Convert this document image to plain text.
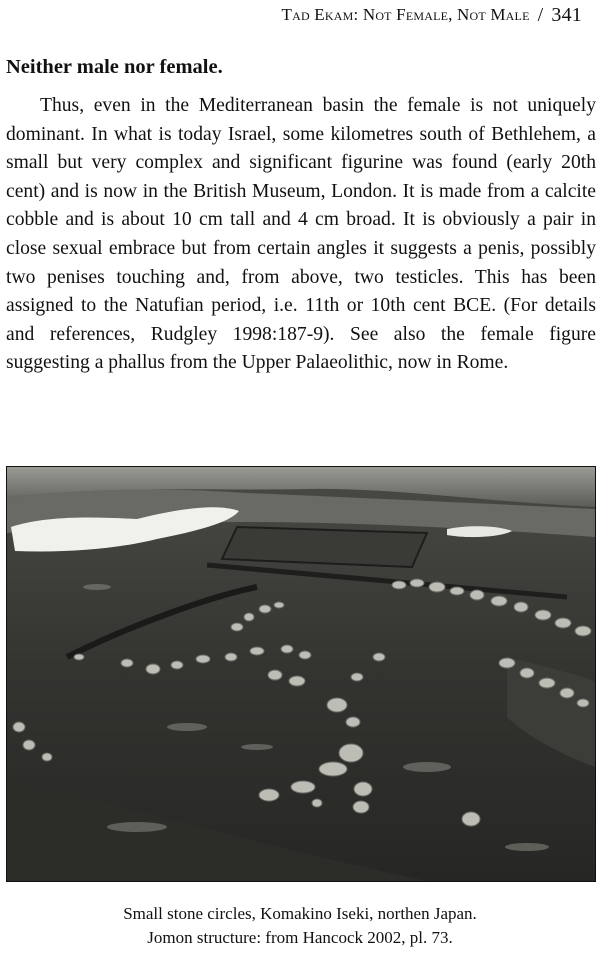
Tad Ekam: Not Female, Not Male / 341
Neither male nor female.

Thus, even in the Mediterranean basin the female is not uniquely dominant. In what is today Israel, some kilometres south of Bethlehem, a small but very complex and significant figurine was found (early 20th cent) and is now in the British Museum, London. It is made from a calcite cobble and is about 10 cm tall and 4 cm broad. It is obviously a pair in close sexual embrace but from certain angles it suggests a penis, possibly two penises touching and, from above, two testicles. This has been assigned to the Natufian period, i.e. 11th or 10th cent BCE. (For details and references, Rudgley 1998:187-9). See also the female figure suggesting a phallus from the Upper Palaeolithic, now in Rome.

Small stone circles, Komakino Iseki, northen Japan.
Jomon structure: from Hancock 2002, pl. 73.
